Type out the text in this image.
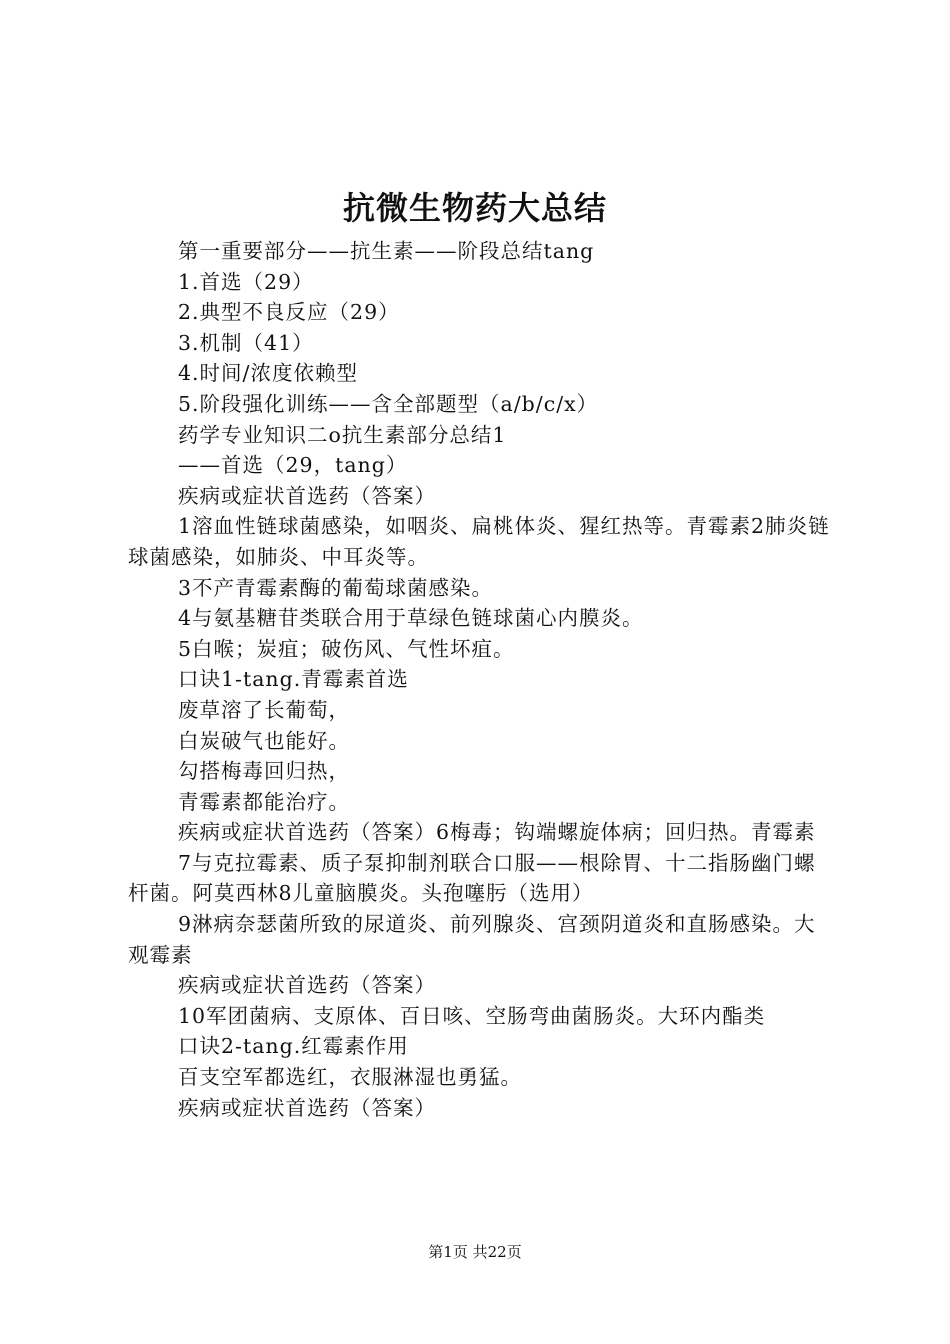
抗微生物药大总结

第一重要部分——抗生素——阶段总结tang

1.首选（29）

2.典型不良反应（29）

3.机制（41）

4.时间/浓度依赖型

5.阶段强化训练——含全部题型（a/b/c/x）

药学专业知识二o抗生素部分总结1

——首选（29，tang）

疾病或症状首选药（答案）

1溶血性链球菌感染，如咽炎、扁桃体炎、猩红热等。青霉素2肺炎链球菌感染，如肺炎、中耳炎等。

3不产青霉素酶的葡萄球菌感染。

4与氨基糖苷类联合用于草绿色链球菌心内膜炎。

5白喉；炭疽；破伤风、气性坏疽。

口诀1-tang.青霉素首选

废草溶了长葡萄，

白炭破气也能好。

勾搭梅毒回归热，

青霉素都能治疗。

疾病或症状首选药（答案）6梅毒；钩端螺旋体病；回归热。青霉素

7与克拉霉素、质子泵抑制剂联合口服——根除胃、十二指肠幽门螺杆菌。阿莫西林8儿童脑膜炎。头孢噻肟（选用）

9淋病奈瑟菌所致的尿道炎、前列腺炎、宫颈阴道炎和直肠感染。大观霉素

疾病或症状首选药（答案）

10军团菌病、支原体、百日咳、空肠弯曲菌肠炎。大环内酯类

口诀2-tang.红霉素作用

百支空军都选红，衣服淋湿也勇猛。

疾病或症状首选药（答案）

第1页 共22页
